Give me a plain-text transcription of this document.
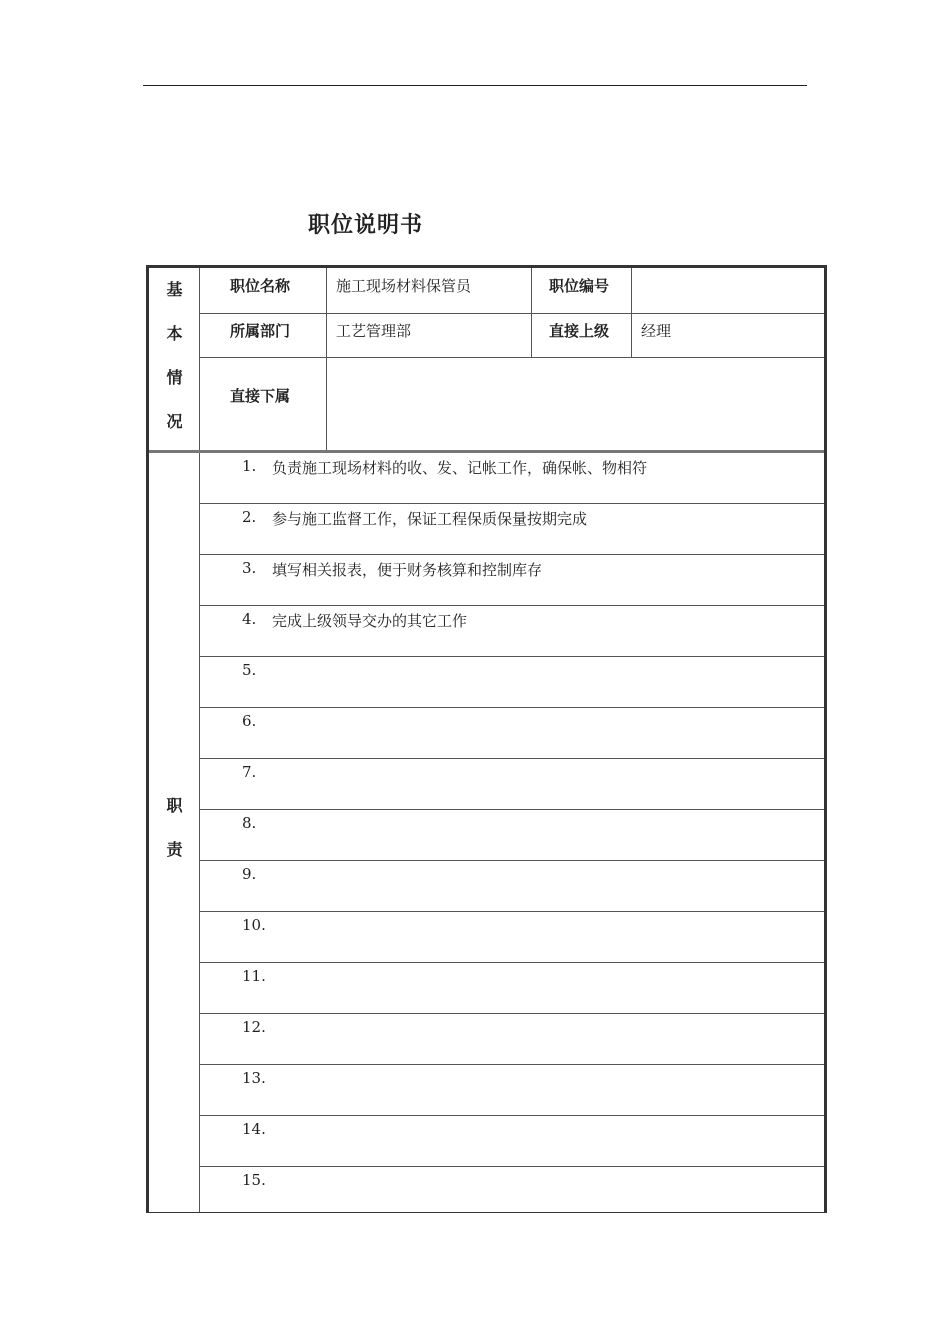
职位说明书
基
本
情
况
职位名称	施工现场材料保管员	职位编号
所属部门	工艺管理部	直接上级	经理
直接下属
职
责
1. 负责施工现场材料的收、发、记帐工作，确保帐、物相符
2. 参与施工监督工作，保证工程保质保量按期完成
3. 填写相关报表，便于财务核算和控制库存
4. 完成上级领导交办的其它工作
5.
6.
7.
8.
9.
10.
11.
12.
13.
14.
15.
